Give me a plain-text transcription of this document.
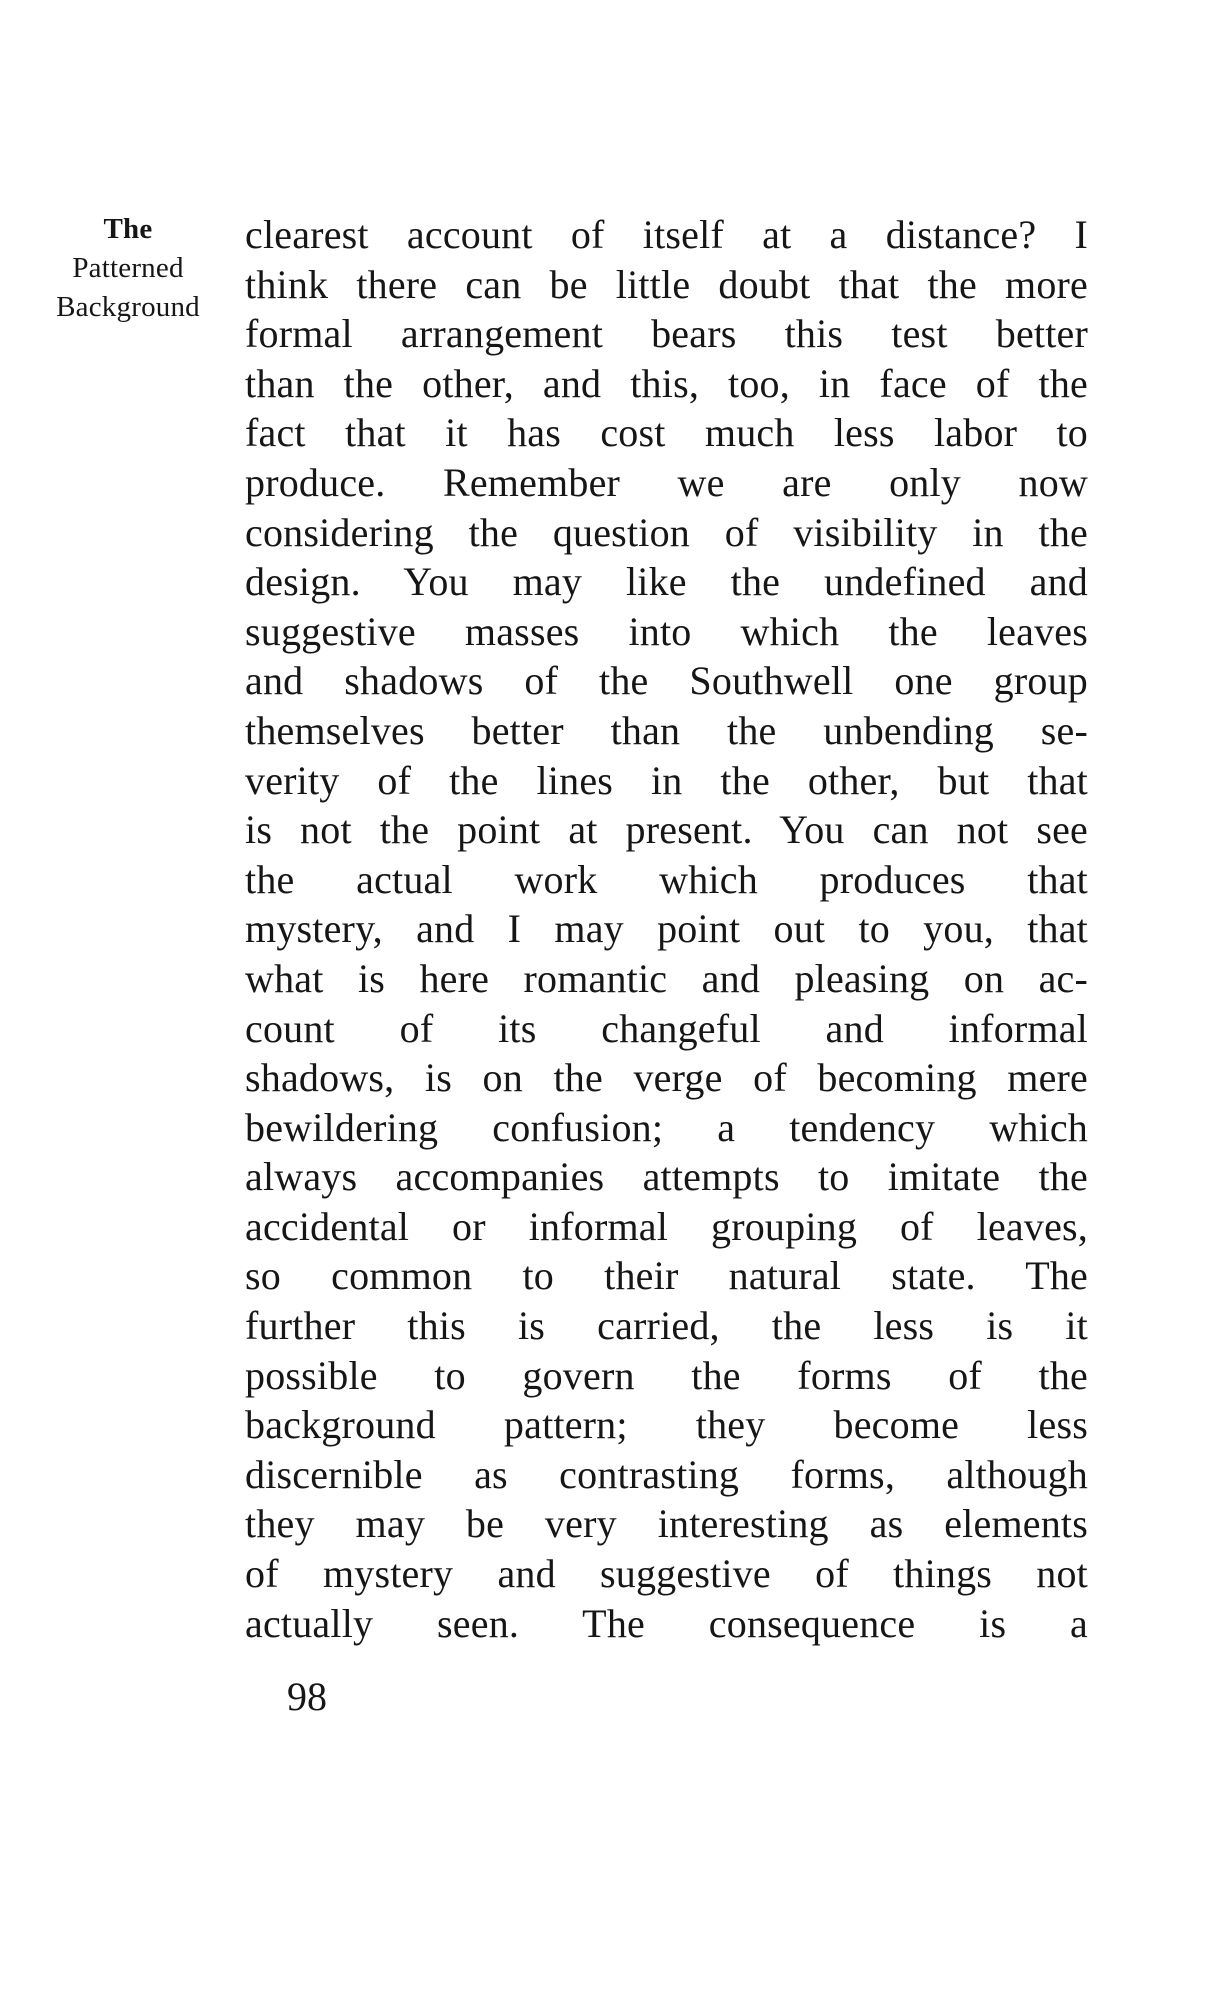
The
Patterned
Background
clearest account of itself at a distance? I
think there can be little doubt that the more
formal arrangement bears this test better
than the other, and this, too, in face of the
fact that it has cost much less labor to
produce. Remember we are only now
considering the question of visibility in the
design. You may like the undefined and
suggestive masses into which the leaves
and shadows of the Southwell one group
themselves better than the unbending se-
verity of the lines in the other, but that
is not the point at present. You can not see
the actual work which produces that
mystery, and I may point out to you, that
what is here romantic and pleasing on ac-
count of its changeful and informal
shadows, is on the verge of becoming mere
bewildering confusion; a tendency which
always accompanies attempts to imitate the
accidental or informal grouping of leaves,
so common to their natural state. The
further this is carried, the less is it
possible to govern the forms of the
background pattern; they become less
discernible as contrasting forms, although
they may be very interesting as elements
of mystery and suggestive of things not
actually seen. The consequence is a
98
